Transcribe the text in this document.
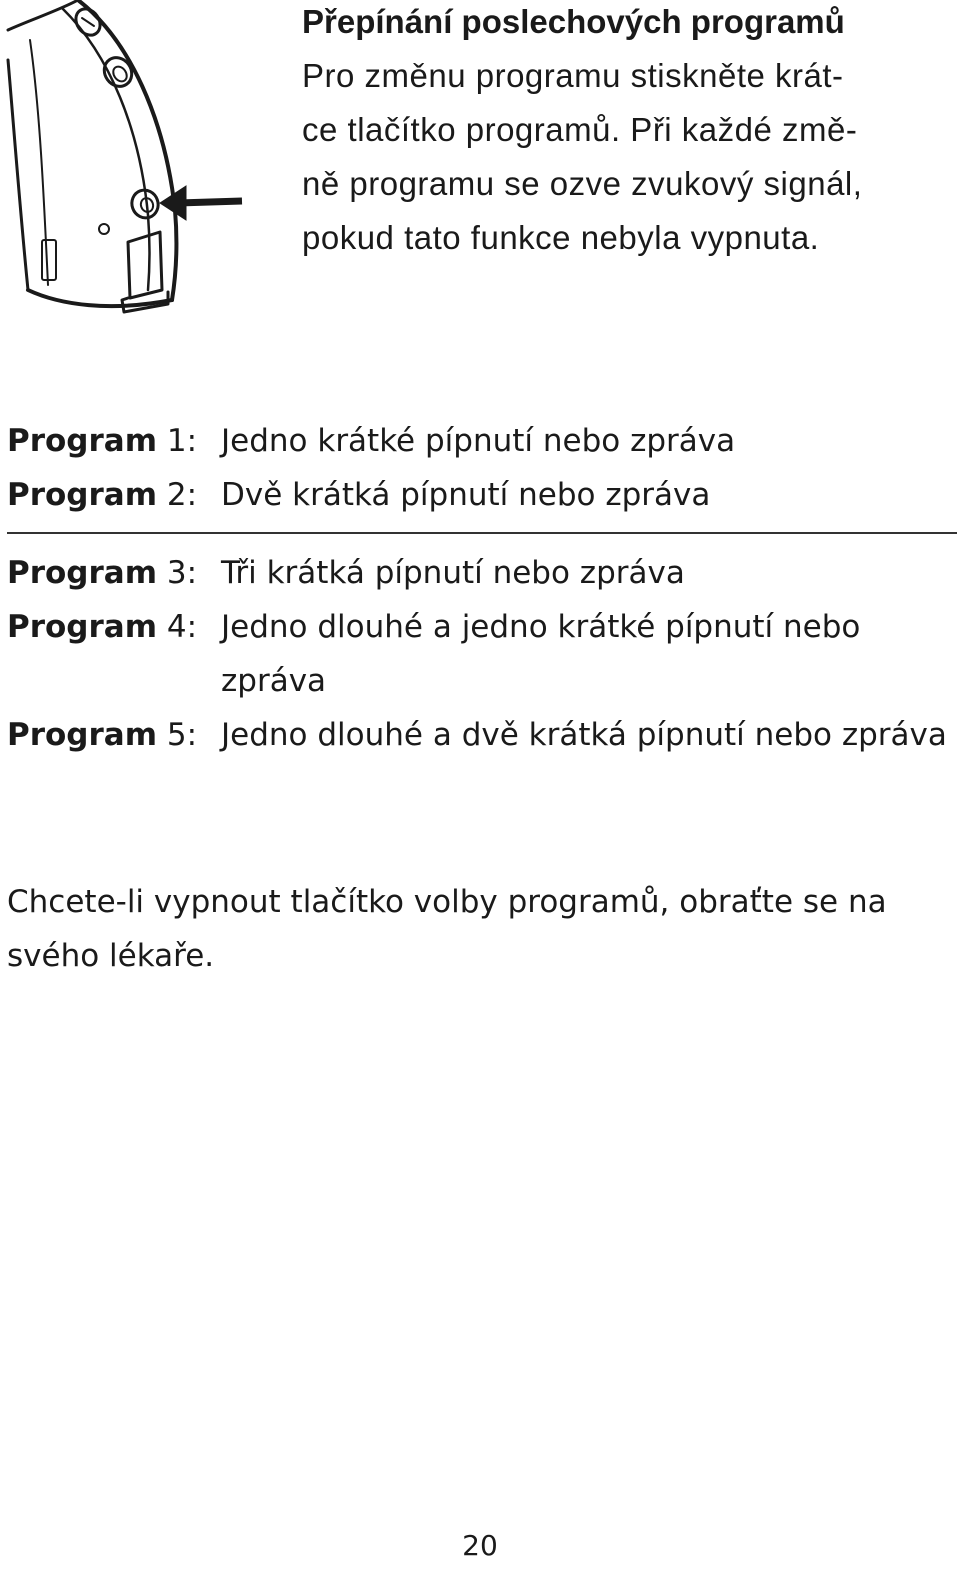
Přepínání poslechových programů

Pro změnu programu stiskněte krát-
ce tlačítko programů. Při každé změ-
ně programu se ozve zvukový signál,
pokud tato funkce nebyla vypnuta.

Program 1: Jedno krátké pípnutí nebo zpráva
Program 2: Dvě krátká pípnutí nebo zpráva
Program 3: Tři krátká pípnutí nebo zpráva
Program 4: Jedno dlouhé a jedno krátké pípnutí nebo zpráva
Program 5: Jedno dlouhé a dvě krátká pípnutí nebo zpráva

Chcete-li vypnout tlačítko volby programů, obraťte se na svého lékaře.

20
